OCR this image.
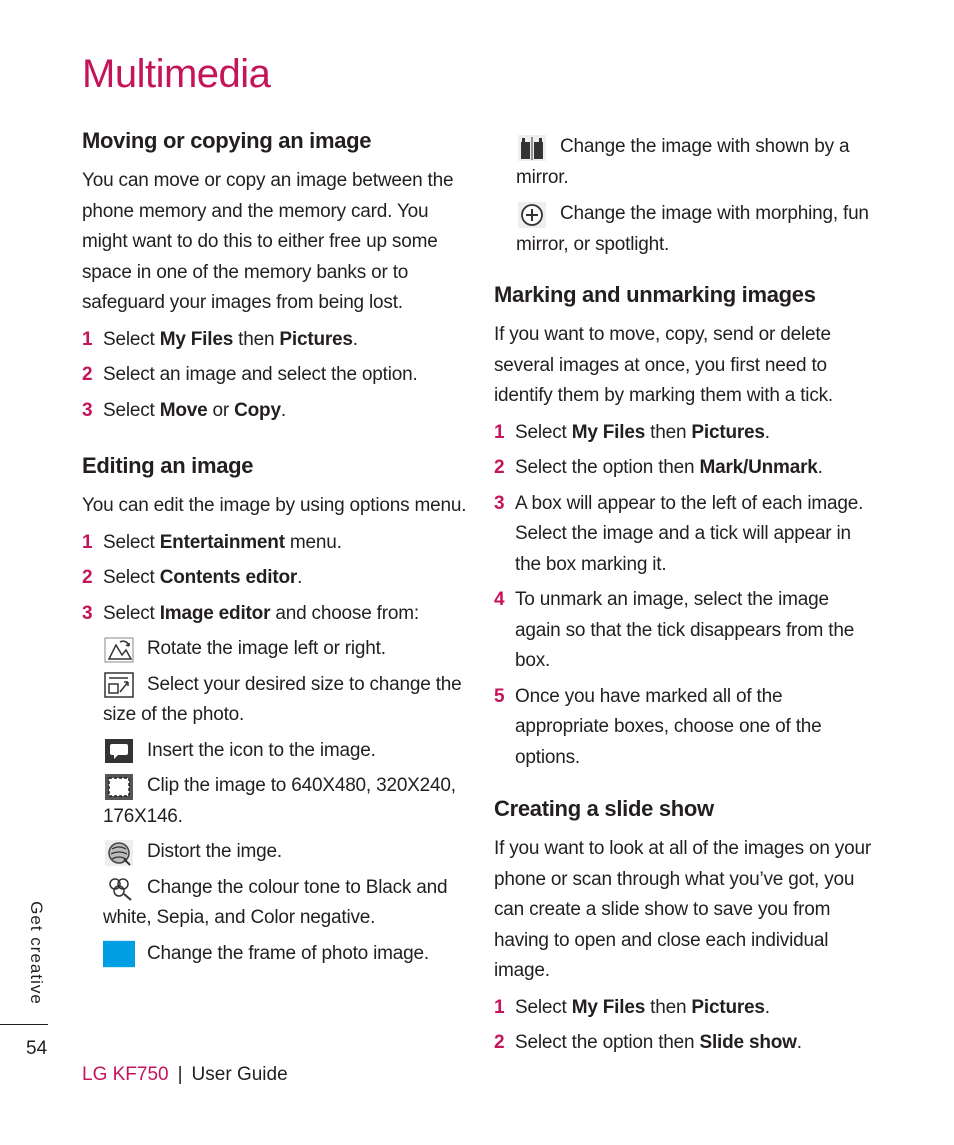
Multimedia
Moving or copying an image

You can move or copy an image between the phone memory and the memory card. You might want to do this to either free up some space in one of the memory banks or to safeguard your images from being lost.

1 Select My Files then Pictures.
2 Select an image and select the option.
3 Select Move or Copy.
Editing an image

You can edit the image by using options menu.

1 Select Entertainment menu.
2 Select Contents editor.
3 Select Image editor and choose from:
Rotate the image left or right.
Select your desired size to change the size of the photo.
Insert the icon to the image.
Clip the image to 640X480, 320X240, 176X146.
Distort the imge.
Change the colour tone to Black and white, Sepia, and Color negative.
Change the frame of photo image.
Change the image with shown by a mirror.
Change the image with morphing, fun mirror, or spotlight.
Marking and unmarking images

If you want to move, copy, send or delete several images at once, you first need to identify them by marking them with a tick.

1 Select My Files then Pictures.
2 Select the option then Mark/Unmark.
3 A box will appear to the left of each image. Select the image and a tick will appear in the box marking it.
4 To unmark an image, select the image again so that the tick disappears from the box.
5 Once you have marked all of the appropriate boxes, choose one of the options.
Creating a slide show

If you want to look at all of the images on your phone or scan through what you’ve got, you can create a slide show to save you from having to open and close each individual image.

1 Select My Files then Pictures.
2 Select the option then Slide show.
Get creative
54
LG KF750 | User Guide
